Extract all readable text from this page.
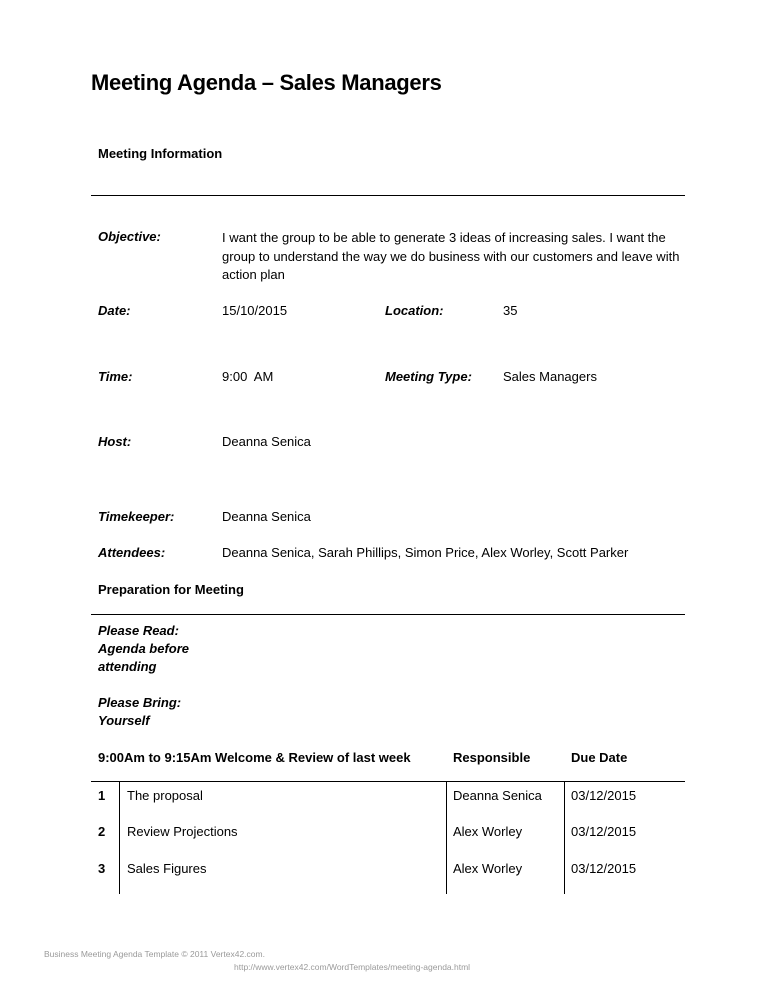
Meeting Agenda – Sales Managers
Meeting Information
Objective:	I want the group to be able to generate 3 ideas of increasing sales. I want the group to understand the way we do business with our customers and leave with action plan
Date:	15/10/2015	Location:	35
Time:	9:00  AM	Meeting Type: Sales Managers
Host:	Deanna Senica
Timekeeper:	Deanna Senica
Attendees:	Deanna Senica, Sarah Phillips, Simon Price, Alex Worley, Scott Parker
Preparation for Meeting
Please Read:
Agenda before
attending
Please Bring:
Yourself
9:00Am to 9:15Am Welcome & Review of last week	Responsible	Due Date
1 The proposal	Deanna Senica 03/12/2015
2 Review Projections	Alex Worley	03/12/2015
3 Sales Figures	Alex Worley	03/12/2015
Business Meeting Agenda Template © 2011 Vertex42.com.
http://www.vertex42.com/WordTemplates/meeting-agenda.html
